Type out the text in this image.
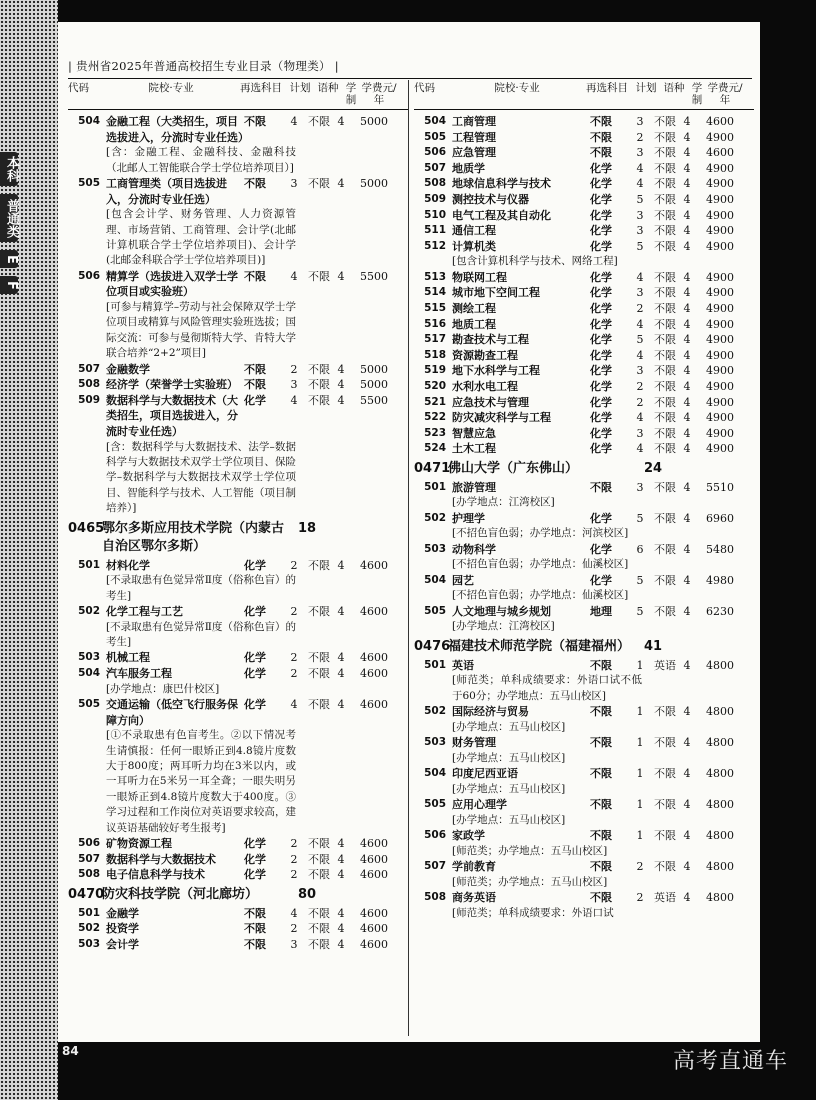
本科
普通类
E
F
| 贵州省2025年普通高校招生专业目录（物理类） |
代码	院校·专业	再选科目 计划 语种 学制
学费元/年
504 金融工程（大类招生，项目选拔进入，分流时专业任选）
不限	4 不限 4	5000
[含：金融工程、金融科技、金融科技（北邮人工智能联合学士学位培养项目）]
505 工商管理类（项目选拔进入，分流时专业任选）
不限	3 不限 4	5000
[包含会计学、财务管理、人力资源管理、市场营销、工商管理、会计学(北邮计算机联合学士学位培养项目)、会计学(北邮金科联合学士学位培养项目)]
506 精算学（选拔进入双学士学位项目或实验班）
不限	4 不限 4	5500
[可参与精算学–劳动与社会保障双学士学位项目或精算与风险管理实验班选拔；国际交流：可参与曼彻斯特大学、肯特大学联合培养“2+2”项目]
507 金融数学	不限	2 不限 4	5000
508 经济学（荣誉学士实验班） 不限	3 不限 4	5000
509 数据科学与大数据技术（大类招生，项目选拔进入，分流时专业任选）
化学	4 不限 4	5500
[含：数据科学与大数据技术、法学–数据科学与大数据技术双学士学位项目、保险学–数据科学与大数据技术双学士学位项目、智能科学与技术、人工智能（项目制培养）]
0465
鄂尔多斯应用技术学院（内蒙古自治区鄂尔多斯）
18
501 材料化学	化学	2 不限 4	4600
[不录取患有色觉异常Ⅱ度（俗称色盲）的考生]
502 化学工程与工艺	化学	2 不限 4	4600
[不录取患有色觉异常Ⅱ度（俗称色盲）的考生]
503 机械工程	化学	2 不限 4	4600
504 汽车服务工程	化学	2 不限 4	4600
[办学地点：康巴什校区]
505 交通运输（低空飞行服务保障方向）
化学	4 不限 4	4600
[①不录取患有色盲考生。②以下情况考生请慎报：任何一眼矫正到4.8镜片度数大于800度；两耳听力均在3米以内，或一耳听力在5米另一耳全聋；一眼失明另一眼矫正到4.8镜片度数大于400度。③学习过程和工作岗位对英语要求较高，建议英语基础较好考生报考]
506 矿物资源工程	化学	2 不限 4	4600
507 数据科学与大数据技术	化学	2 不限 4	4600
508 电子信息科学与技术	化学	2 不限 4	4600
0470
防灾科技学院（河北廊坊）	80
501 金融学	不限	4 不限 4	4600
502 投资学	不限	2 不限 4	4600
503 会计学	不限	3 不限 4	4600
代码	院校·专业	再选科目 计划 语种 学制
学费元/年
504 工商管理	不限	3 不限 4	4600
505 工程管理	不限	2 不限 4	4900
506 应急管理	不限	3 不限 4	4600
507 地质学	化学	4 不限 4	4900
508 地球信息科学与技术	化学	4 不限 4	4900
509 测控技术与仪器	化学	5 不限 4	4900
510 电气工程及其自动化	化学	3 不限 4	4900
511 通信工程	化学	3 不限 4	4900
512 计算机类	化学	5 不限 4	4900
[包含计算机科学与技术、网络工程]
513 物联网工程	化学	4 不限 4	4900
514 城市地下空间工程	化学	3 不限 4	4900
515 测绘工程	化学	2 不限 4	4900
516 地质工程	化学	4 不限 4	4900
517 勘查技术与工程	化学	5 不限 4	4900
518 资源勘查工程	化学	4 不限 4	4900
519 地下水科学与工程	化学	3 不限 4	4900
520 水利水电工程	化学	2 不限 4	4900
521 应急技术与管理	化学	2 不限 4	4900
522 防灾减灾科学与工程	化学	4 不限 4	4900
523 智慧应急	化学	3 不限 4	4900
524 土木工程	化学	4 不限 4	4900
0471
佛山大学（广东佛山）	24
501 旅游管理	不限	3 不限 4	5510
[办学地点：江湾校区]
502 护理学	化学	5 不限 4	6960
[不招色盲色弱；办学地点：河滨校区]
503 动物科学	化学	6 不限 4	5480
[不招色盲色弱；办学地点：仙溪校区]
504 园艺	化学	5 不限 4	4980
[不招色盲色弱；办学地点：仙溪校区]
505 人文地理与城乡规划	地理	5 不限 4	6230
[办学地点：江湾校区]
0476
福建技术师范学院（福建福州）	41
501 英语	不限	1 英语 4	4800
[师范类；单科成绩要求：外语口试不低于60分；办学地点：五马山校区]
502 国际经济与贸易	不限	1 不限 4	4800
[办学地点：五马山校区]
503 财务管理	不限	1 不限 4	4800
[办学地点：五马山校区]
504 印度尼西亚语	不限	1 不限 4	4800
[办学地点：五马山校区]
505 应用心理学	不限	1 不限 4	4800
[办学地点：五马山校区]
506 家政学	不限	1 不限 4	4800
[师范类；办学地点：五马山校区]
507 学前教育	不限	2 不限 4	4800
[师范类；办学地点：五马山校区]
508 商务英语	不限	2 英语 4	4800
[师范类；单科成绩要求：外语口试
84	高考直通车
